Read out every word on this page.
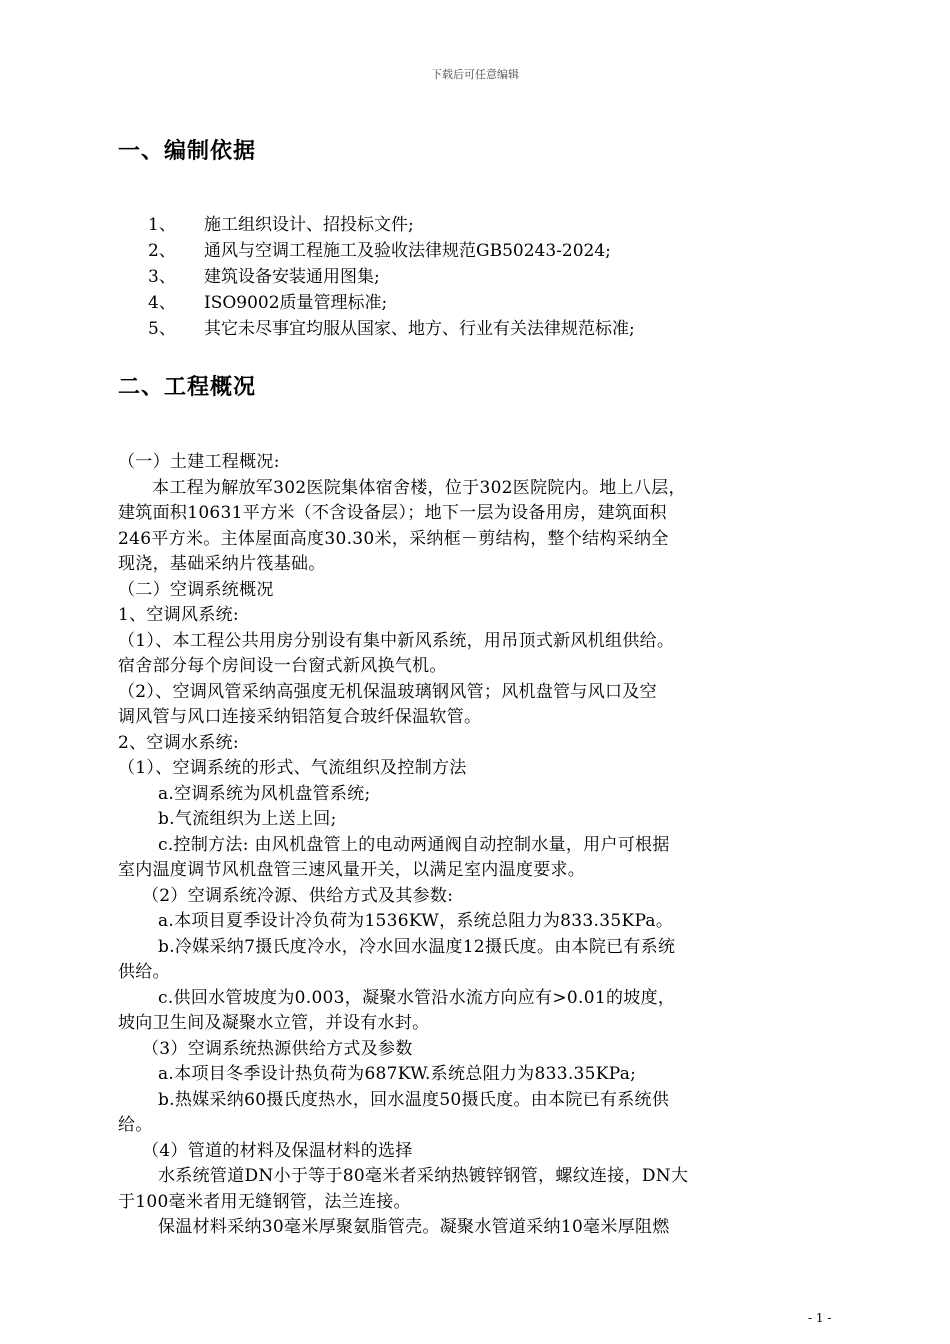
下载后可任意编辑
一、编制依据
1、 施工组织设计、招投标文件;
2、 通风与空调工程施工及验收法律规范GB50243-2024;
3、 建筑设备安装通用图集;
4、 ISO9002质量管理标准;
5、 其它未尽事宜均服从国家、地方、行业有关法律规范标准;
二、工程概况
（一）土建工程概况:
本工程为解放军302医院集体宿舍楼，位于302医院院内。地上八层，
建筑面积10631平方米（不含设备层）；地下一层为设备用房，建筑面积
246平方米。主体屋面高度30.30米，采纳框－剪结构，整个结构采纳全
现浇，基础采纳片筏基础。
（二）空调系统概况
1、空调风系统:
（1）、本工程公共用房分别设有集中新风系统，用吊顶式新风机组供给。
宿舍部分每个房间设一台窗式新风换气机。
（2）、空调风管采纳高强度无机保温玻璃钢风管；风机盘管与风口及空
调风管与风口连接采纳铝箔复合玻纤保温软管。
2、空调水系统:
（1）、空调系统的形式、气流组织及控制方法
a.空调系统为风机盘管系统;
b.气流组织为上送上回;
c.控制方法: 由风机盘管上的电动两通阀自动控制水量，用户可根据
室内温度调节风机盘管三速风量开关，以满足室内温度要求。
（2）空调系统冷源、供给方式及其参数:
a.本项目夏季设计冷负荷为1536KW，系统总阻力为833.35KPa。
b.冷媒采纳7摄氏度冷水，冷水回水温度12摄氏度。由本院已有系统
供给。
c.供回水管坡度为0.003，凝聚水管沿水流方向应有>0.01的坡度，
坡向卫生间及凝聚水立管，并设有水封。
（3）空调系统热源供给方式及参数
a.本项目冬季设计热负荷为687KW.系统总阻力为833.35KPa;
b.热媒采纳60摄氏度热水，回水温度50摄氏度。由本院已有系统供
给。
（4）管道的材料及保温材料的选择
水系统管道DN小于等于80毫米者采纳热镀锌钢管，螺纹连接，DN大
于100毫米者用无缝钢管，法兰连接。
保温材料采纳30毫米厚聚氨脂管壳。凝聚水管道采纳10毫米厚阻燃
- 1 -
